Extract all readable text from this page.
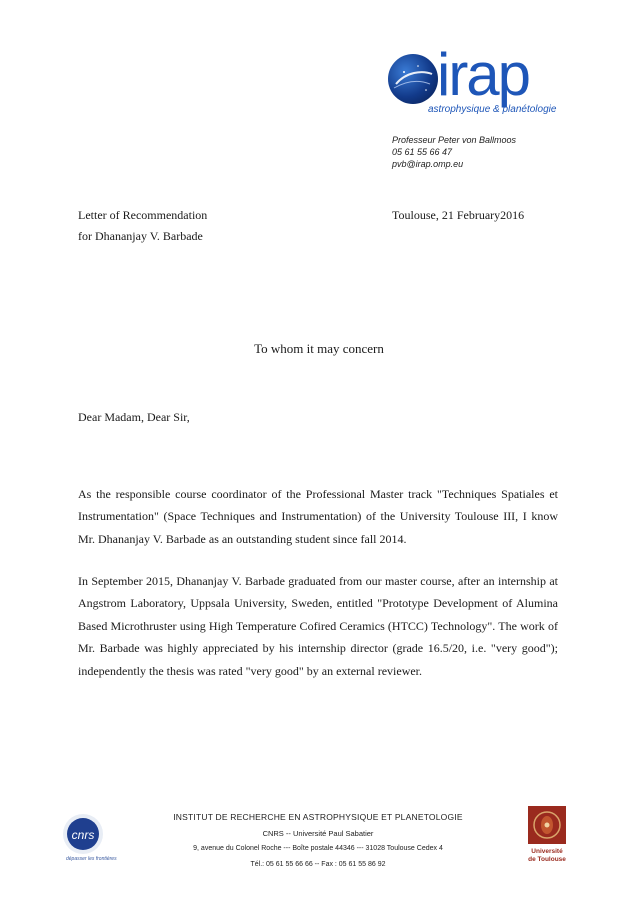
irap
astrophysique & planétologie
Professeur Peter von Ballmoos
05 61 55 66 47
pvb@irap.omp.eu
Letter of Recommendation
for Dhananjay V. Barbade
Toulouse, 21 February2016
To whom it may concern
Dear Madam, Dear Sir,
As the responsible course coordinator of the Professional Master track "Techniques Spatiales et Instrumentation" (Space Techniques and Instrumentation) of the University Toulouse III, I know Mr. Dhananjay V. Barbade as an outstanding student since fall 2014.
In September 2015, Dhananjay V. Barbade graduated from our master course, after an internship at Angstrom Laboratory, Uppsala University, Sweden, entitled "Prototype Development of Alumina Based Microthruster using High Temperature Cofired Ceramics (HTCC) Technology". The work of Mr. Barbade was highly appreciated by his internship director (grade 16.5/20, i.e. "very good"); independently the thesis was rated "very good" by an external reviewer.
cnrs
dépasser les frontières
INSTITUT DE RECHERCHE EN ASTROPHYSIQUE ET PLANETOLOGIE
CNRS -- Université Paul Sabatier
9, avenue du Colonel Roche --- Boîte postale 44346 --- 31028 Toulouse Cedex 4
Tél.: 05 61 55 66 66 -- Fax : 05 61 55 86 92
Université
de Toulouse
